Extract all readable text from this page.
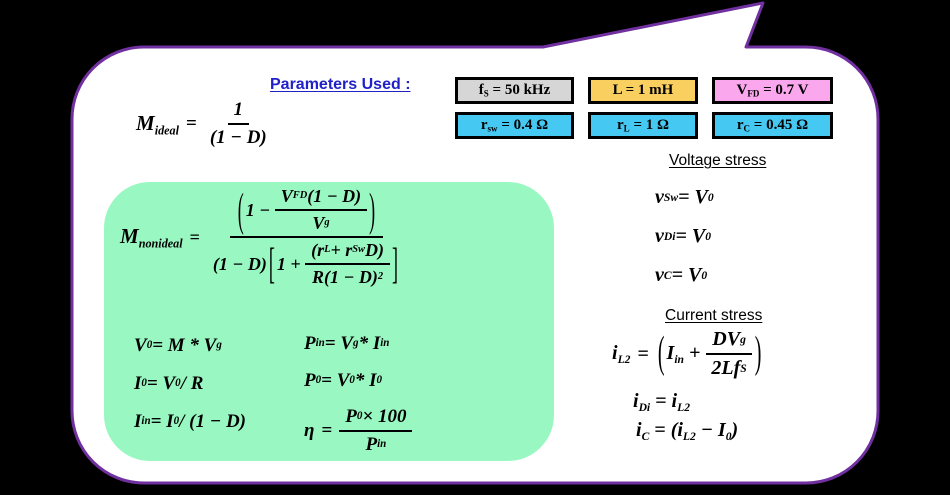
Parameters Used :
$M_{ideal} = \frac{1}{(1 - D)}$
$f_S = 50$ kHz	L = 1 mH	$V_{FD} = 0.7$ V
$r_{sw} = 0.4$ Ω	$r_L = 1$ Ω	$r_C = 0.45$ Ω
$M_{nonideal}$ =
( 1 −
$\frac{\text{V FD (1 − D)}}{\text{V g}}$ )
(1 − D) [ 1 +
$\frac{\text{(r L + r Sw D)}}{R(1 - D) 2}$ ]
V 0 = M * V g
I 0 = V 0 / R
I in = I 0 / (1 − D)
P in = V g * I in
P 0 = V 0 * I 0
$\eta = \frac{P 0 \times 100}{\text{P in}}$
Voltage stress
v Sw = V 0
v Di = V 0
v C = V 0
Current stress
$i_{L2}$ = ( $I_{in}$ +
$\frac{\text{DV g}}{\text{2Lf S}}$ )
$i_{Di} = i_{L2}$
$i_C = (i_{L2} - I_0)$
